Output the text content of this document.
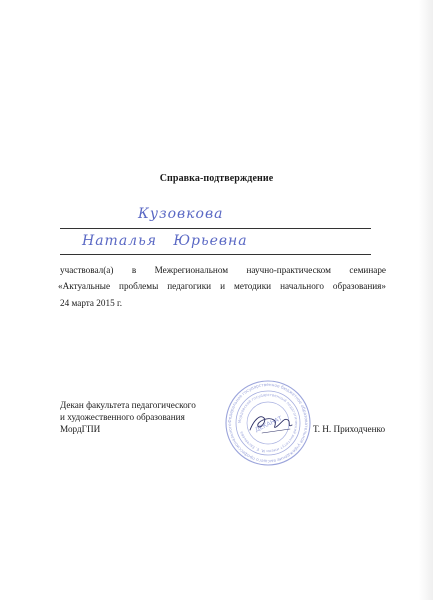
Справка-подтверждение
Кузовкова
Наталья   Юрьевна
участвовал(а) в Межрегиональном научно-практическом семинаре
«Актуальные проблемы педагогики и методики начального образования»
24 марта 2015 г.
Декан факультета педагогического
и художественного образования
МордГПИ	Т. Н. Приходченко
Федеральное государственное бюджетное образовательное учреждение высшего профессионального
Мордовский государственный педагогический институт имени М. Е. Евсевьева	ДЕКАНАТ
